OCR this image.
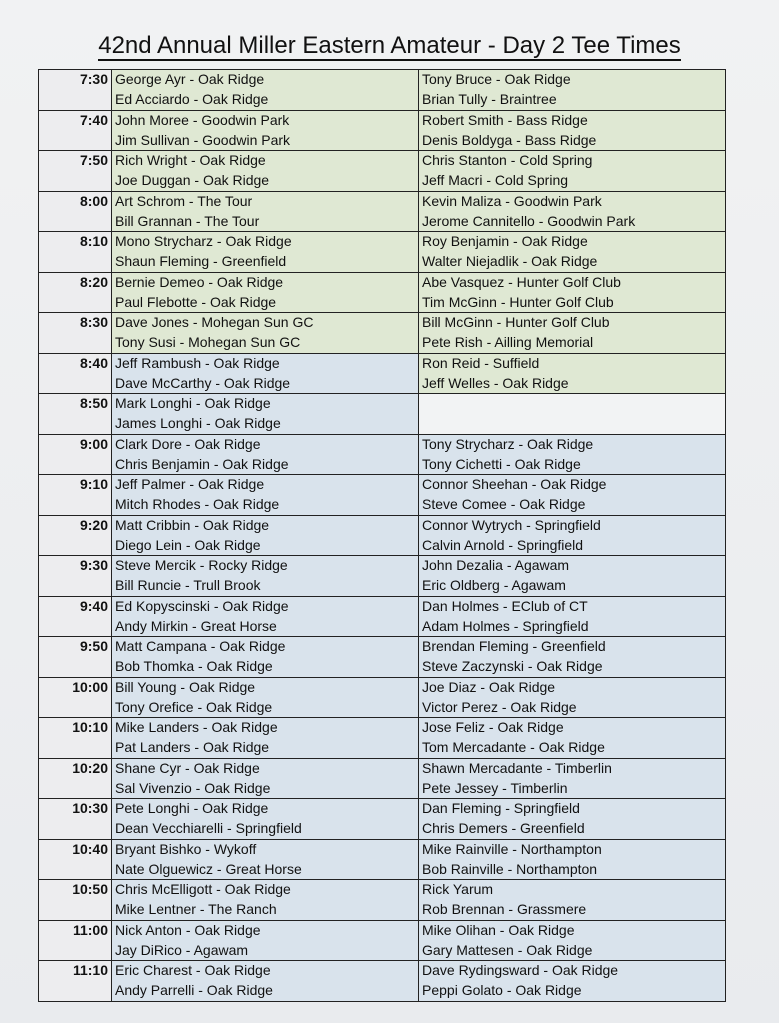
42nd Annual Miller Eastern Amateur - Day 2 Tee Times
7:30	George Ayr - Oak Ridge	Tony Bruce - Oak Ridge
	Ed Acciardo - Oak Ridge	Brian Tully - Braintree
7:40	John Moree - Goodwin Park	Robert Smith - Bass Ridge
	Jim Sullivan - Goodwin Park	Denis Boldyga - Bass Ridge
7:50	Rich Wright - Oak Ridge	Chris Stanton - Cold Spring
	Joe Duggan - Oak Ridge	Jeff Macri - Cold Spring
8:00	Art Schrom - The Tour	Kevin Maliza - Goodwin Park
	Bill Grannan - The Tour	Jerome Cannitello - Goodwin Park
8:10	Mono Strycharz - Oak Ridge	Roy Benjamin - Oak Ridge
	Shaun Fleming - Greenfield	Walter Niejadlik - Oak Ridge
8:20	Bernie Demeo - Oak Ridge	Abe Vasquez - Hunter Golf Club
	Paul Flebotte - Oak Ridge	Tim McGinn - Hunter Golf Club
8:30	Dave Jones - Mohegan Sun GC	Bill McGinn - Hunter Golf Club
	Tony Susi - Mohegan Sun GC	Pete Rish - Ailling Memorial
8:40	Jeff Rambush - Oak Ridge	Ron Reid - Suffield
	Dave McCarthy - Oak Ridge	Jeff Welles - Oak Ridge
8:50	Mark Longhi - Oak Ridge	
	James Longhi - Oak Ridge	
9:00	Clark Dore - Oak Ridge	Tony Strycharz - Oak Ridge
	Chris Benjamin - Oak Ridge	Tony Cichetti - Oak Ridge
9:10	Jeff Palmer - Oak Ridge	Connor Sheehan - Oak Ridge
	Mitch Rhodes - Oak Ridge	Steve Comee - Oak Ridge
9:20	Matt Cribbin - Oak Ridge	Connor Wytrych - Springfield
	Diego Lein - Oak Ridge	Calvin Arnold - Springfield
9:30	Steve Mercik - Rocky Ridge	John Dezalia - Agawam
	Bill Runcie - Trull Brook	Eric Oldberg - Agawam
9:40	Ed Kopyscinski - Oak Ridge	Dan Holmes - EClub of CT
	Andy Mirkin - Great Horse	Adam Holmes - Springfield
9:50	Matt Campana - Oak Ridge	Brendan Fleming - Greenfield
	Bob Thomka - Oak Ridge	Steve Zaczynski - Oak Ridge
10:00	Bill Young - Oak Ridge	Joe Diaz - Oak Ridge
	Tony Orefice - Oak Ridge	Victor Perez - Oak Ridge
10:10	Mike Landers - Oak Ridge	Jose Feliz - Oak Ridge
	Pat Landers - Oak Ridge	Tom Mercadante - Oak Ridge
10:20	Shane Cyr - Oak Ridge	Shawn Mercadante - Timberlin
	Sal Vivenzio - Oak Ridge	Pete Jessey - Timberlin
10:30	Pete Longhi - Oak Ridge	Dan Fleming - Springfield
	Dean Vecchiarelli - Springfield	Chris Demers - Greenfield
10:40	Bryant Bishko - Wykoff	Mike Rainville - Northampton
	Nate Olguewicz - Great Horse	Bob Rainville - Northampton
10:50	Chris McElligott - Oak Ridge	Rick Yarum
	Mike Lentner - The Ranch	Rob Brennan - Grassmere
11:00	Nick Anton - Oak Ridge	Mike Olihan - Oak Ridge
	Jay DiRico - Agawam	Gary Mattesen - Oak Ridge
11:10	Eric Charest - Oak Ridge	Dave Rydingsward - Oak Ridge
	Andy Parrelli - Oak Ridge	Peppi Golato - Oak Ridge
